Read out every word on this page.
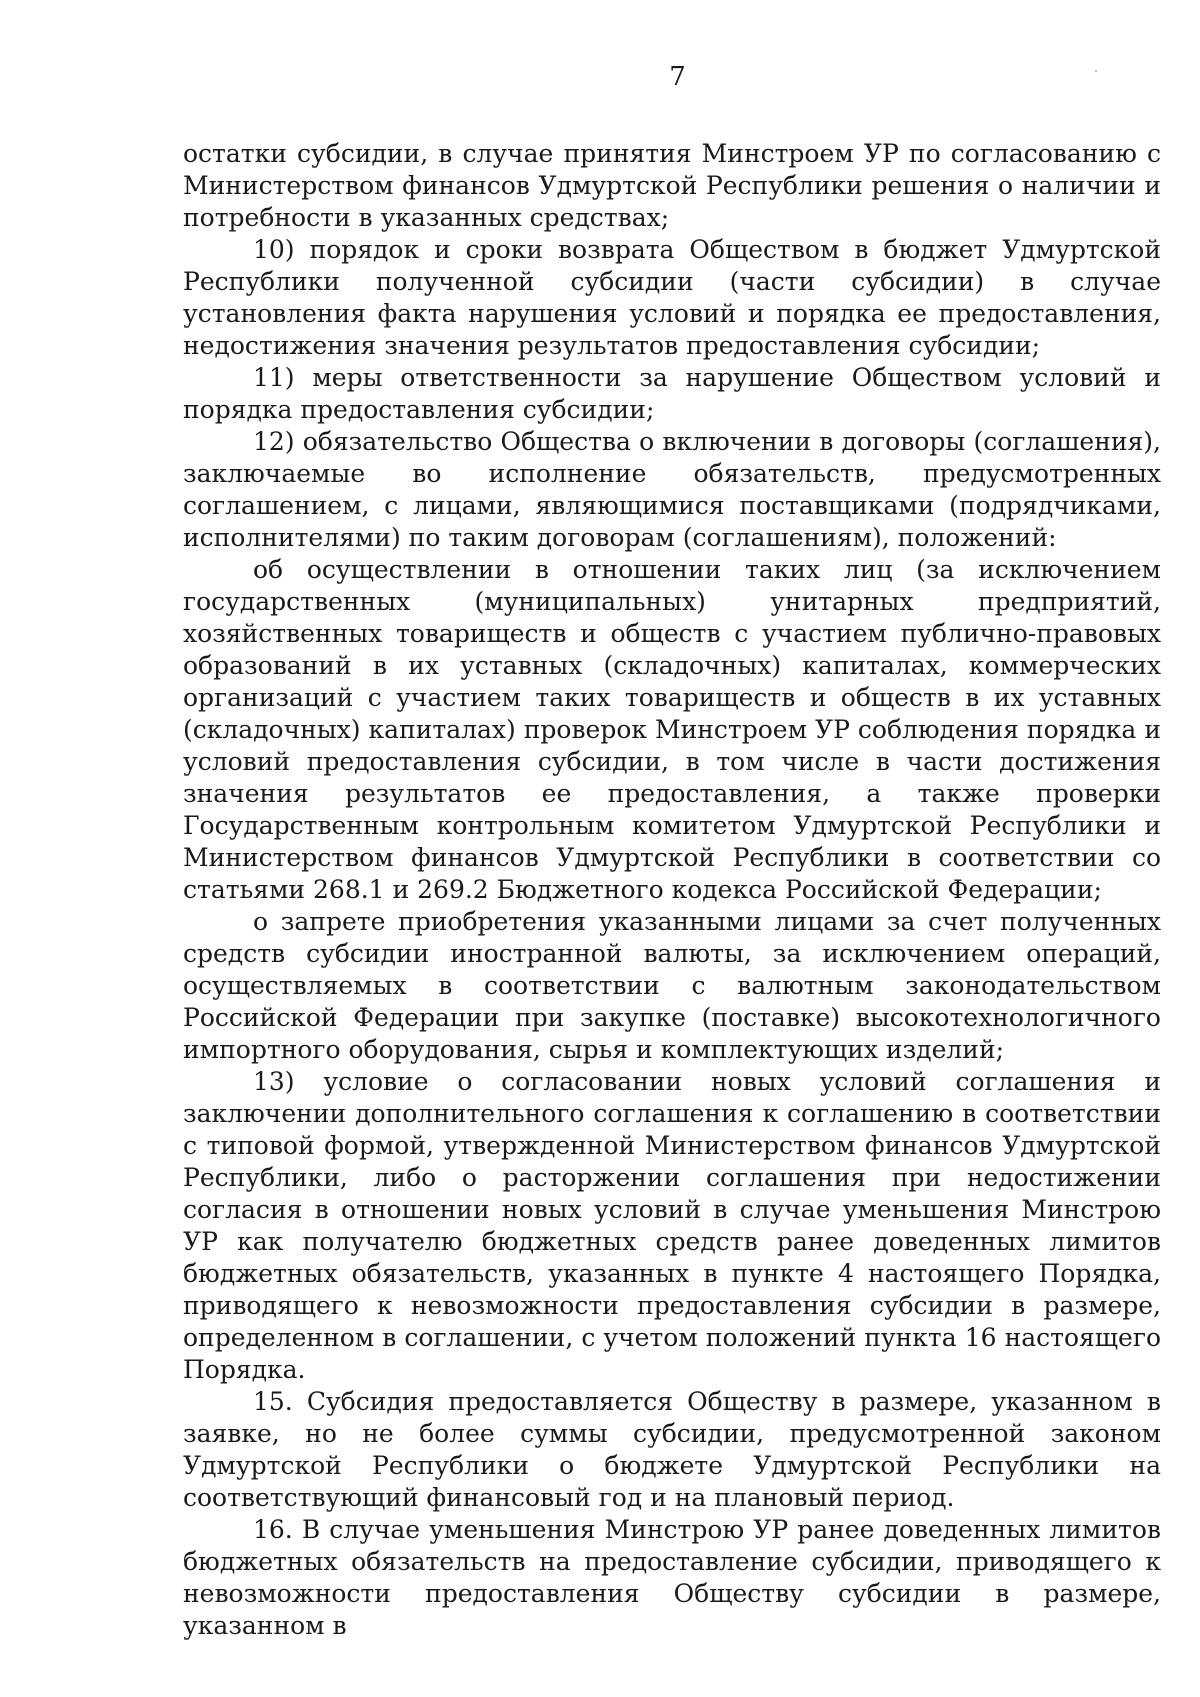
7

остатки субсидии, в случае принятия Минстроем УР по согласованию с Министерством финансов Удмуртской Республики решения о наличии и потребности в указанных средствах;

10) порядок и сроки возврата Обществом в бюджет Удмуртской Республики полученной субсидии (части субсидии) в случае установления факта нарушения условий и порядка ее предоставления, недостижения значения результатов предоставления субсидии;

11) меры ответственности за нарушение Обществом условий и порядка предоставления субсидии;

12) обязательство Общества о включении в договоры (соглашения), заключаемые во исполнение обязательств, предусмотренных соглашением, с лицами, являющимися поставщиками (подрядчиками, исполнителями) по таким договорам (соглашениям), положений:

об осуществлении в отношении таких лиц (за исключением государственных (муниципальных) унитарных предприятий, хозяйственных товариществ и обществ с участием публично-правовых образований в их уставных (складочных) капиталах, коммерческих организаций с участием таких товариществ и обществ в их уставных (складочных) капиталах) проверок Минстроем УР соблюдения порядка и условий предоставления субсидии, в том числе в части достижения значения результатов ее предоставления, а также проверки Государственным контрольным комитетом Удмуртской Республики и Министерством финансов Удмуртской Республики в соответствии со статьями 268.1 и 269.2 Бюджетного кодекса Российской Федерации;

о запрете приобретения указанными лицами за счет полученных средств субсидии иностранной валюты, за исключением операций, осуществляемых в соответствии с валютным законодательством Российской Федерации при закупке (поставке) высокотехнологичного импортного оборудования, сырья и комплектующих изделий;

13) условие о согласовании новых условий соглашения и заключении дополнительного соглашения к соглашению в соответствии с типовой формой, утвержденной Министерством финансов Удмуртской Республики, либо о расторжении соглашения при недостижении согласия в отношении новых условий в случае уменьшения Минстрою УР как получателю бюджетных средств ранее доведенных лимитов бюджетных обязательств, указанных в пункте 4 настоящего Порядка, приводящего к невозможности предоставления субсидии в размере, определенном в соглашении, с учетом положений пункта 16 настоящего Порядка.

15. Субсидия предоставляется Обществу в размере, указанном в заявке, но не более суммы субсидии, предусмотренной законом Удмуртской Республики о бюджете Удмуртской Республики на соответствующий финансовый год и на плановый период.

16. В случае уменьшения Минстрою УР ранее доведенных лимитов бюджетных обязательств на предоставление субсидии, приводящего к невозможности предоставления Обществу субсидии в размере, указанном в
